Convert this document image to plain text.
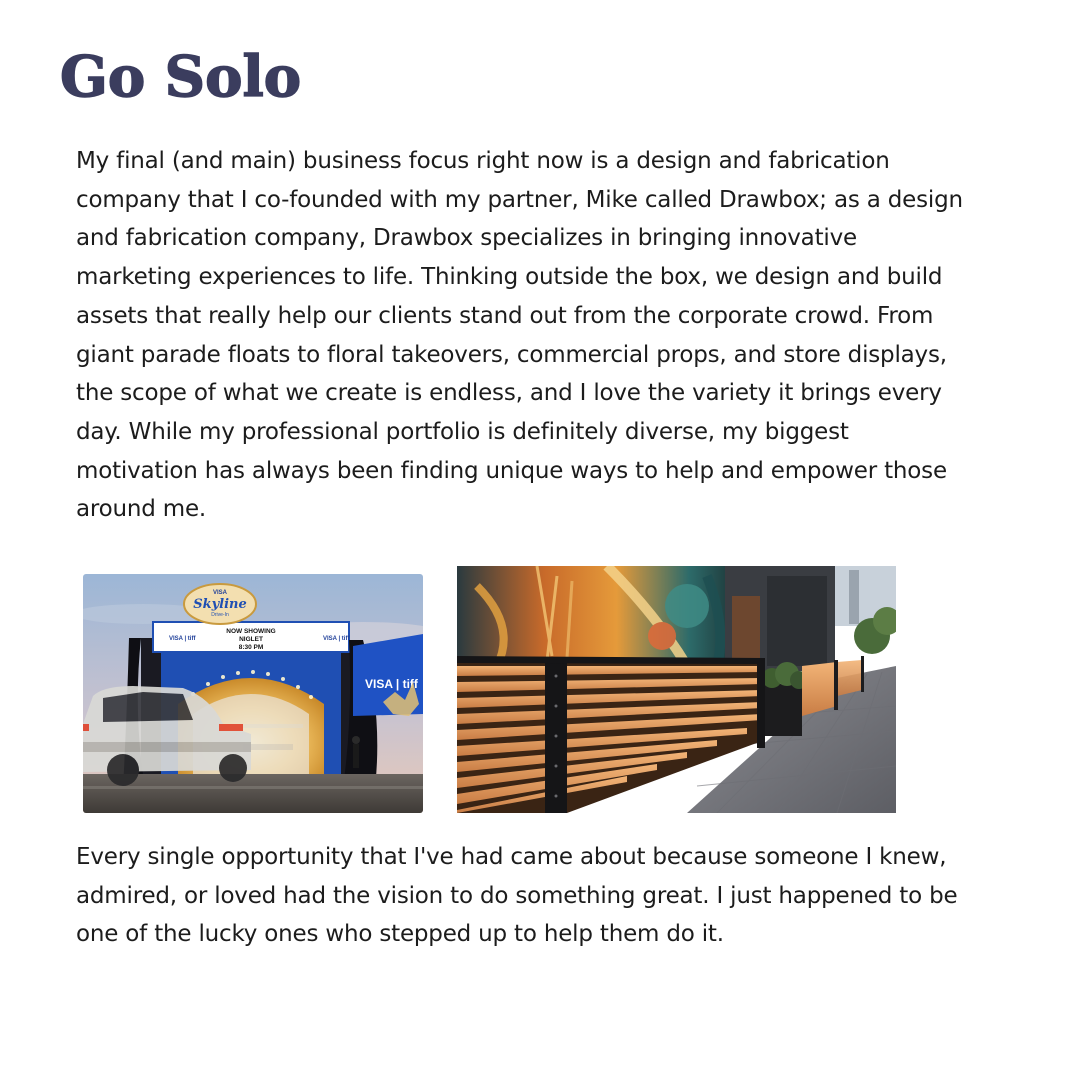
Go Solo

My final (and main) business focus right now is a design and fabrication company that I co-founded with my partner, Mike called Drawbox; as a design and fabrication company, Drawbox specializes in bringing innovative marketing experiences to life. Thinking outside the box, we design and build assets that really help our clients stand out from the corporate crowd. From giant parade floats to floral takeovers, commercial props, and store displays, the scope of what we create is endless, and I love the variety it brings every day. While my professional portfolio is definitely diverse, my biggest motivation has always been finding unique ways to help and empower those around me.

VISA | tiff
NOW SHOWING
NIGLET
8:30 PM
VISA | tiff
VISA
Skyline
Drive-In
VISA | tiff

Every single opportunity that I've had came about because someone I knew, admired, or loved had the vision to do something great. I just happened to be one of the lucky ones who stepped up to help them do it.
